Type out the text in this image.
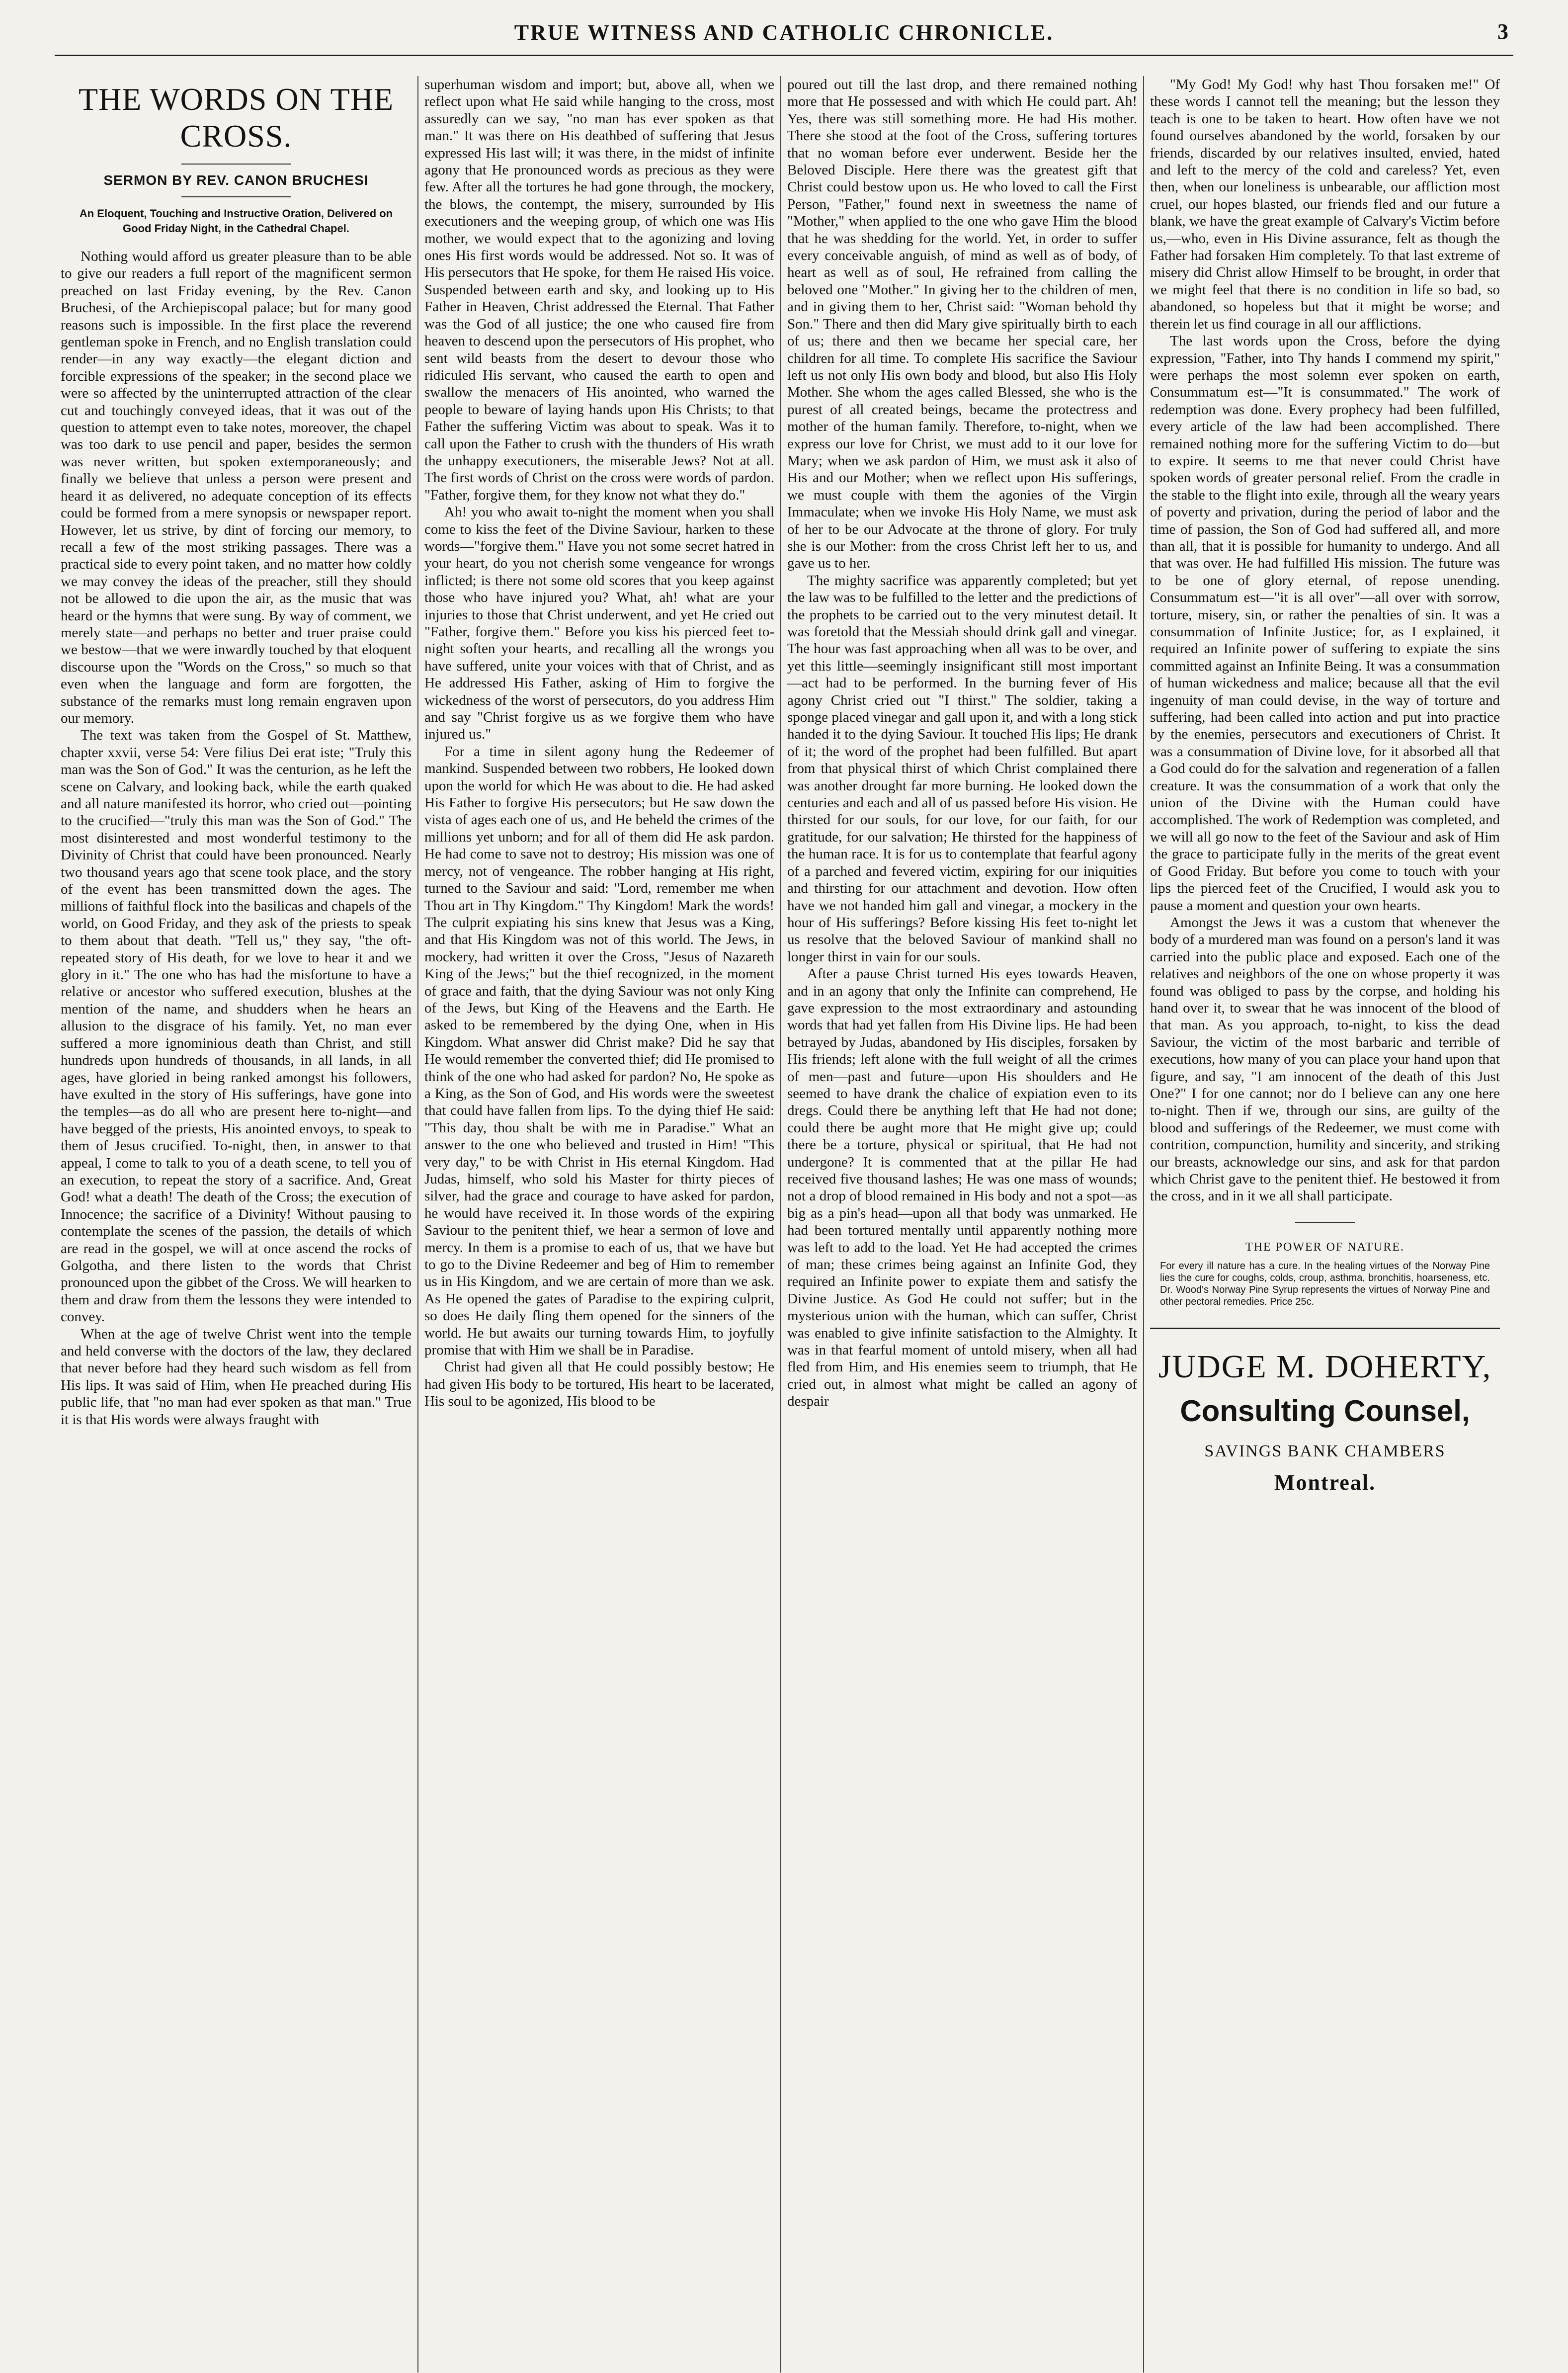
TRUE WITNESS AND CATHOLIC CHRONICLE.	3
THE WORDS ON THE CROSS.
SERMON BY REV. CANON BRUCHESI
An Eloquent, Touching and Instructive Oration, Delivered on Good Friday Night, in the Cathedral Chapel.

Nothing would afford us greater pleasure than to be able to give our readers a full report of the magnificent sermon preached on last Friday evening, by the Rev. Canon Bruchesi, of the Archiepiscopal palace; but for many good reasons such is impossible. In the first place the reverend gentleman spoke in French, and no English translation could render—in any way exactly—the elegant diction and forcible expressions of the speaker; in the second place we were so affected by the uninterrupted attraction of the clear cut and touchingly conveyed ideas, that it was out of the question to attempt even to take notes, moreover, the chapel was too dark to use pencil and paper, besides the sermon was never written, but spoken extemporaneously; and finally we believe that unless a person were present and heard it as delivered, no adequate conception of its effects could be formed from a mere synopsis or newspaper report. However, let us strive, by dint of forcing our memory, to recall a few of the most striking passages. There was a practical side to every point taken, and no matter how coldly we may convey the ideas of the preacher, still they should not be allowed to die upon the air, as the music that was heard or the hymns that were sung. By way of comment, we merely state—and perhaps no better and truer praise could we bestow—that we were inwardly touched by that eloquent discourse upon the "Words on the Cross," so much so that even when the language and form are forgotten, the substance of the remarks must long remain engraven upon our memory.

The text was taken from the Gospel of St. Matthew, chapter xxvii, verse 54: Vere filius Dei erat iste; "Truly this man was the Son of God." It was the centurion, as he left the scene on Calvary, and looking back, while the earth quaked and all nature manifested its horror, who cried out—pointing to the crucified—"truly this man was the Son of God." The most disinterested and most wonderful testimony to the Divinity of Christ that could have been pronounced. Nearly two thousand years ago that scene took place, and the story of the event has been transmitted down the ages. The millions of faithful flock into the basilicas and chapels of the world, on Good Friday, and they ask of the priests to speak to them about that death. "Tell us," they say, "the oft-repeated story of His death, for we love to hear it and we glory in it." The one who has had the misfortune to have a relative or ancestor who suffered execution, blushes at the mention of the name, and shudders when he hears an allusion to the disgrace of his family. Yet, no man ever suffered a more ignominious death than Christ, and still hundreds upon hundreds of thousands, in all lands, in all ages, have gloried in being ranked amongst his followers, have exulted in the story of His sufferings, have gone into the temples—as do all who are present here to-night—and have begged of the priests, His anointed envoys, to speak to them of Jesus crucified. To-night, then, in answer to that appeal, I come to talk to you of a death scene, to tell you of an execution, to repeat the story of a sacrifice. And, Great God! what a death! The death of the Cross; the execution of Innocence; the sacrifice of a Divinity! Without pausing to contemplate the scenes of the passion, the details of which are read in the gospel, we will at once ascend the rocks of Golgotha, and there listen to the words that Christ pronounced upon the gibbet of the Cross. We will hearken to them and draw from them the lessons they were intended to convey.

When at the age of twelve Christ went into the temple and held converse with the doctors of the law, they declared that never before had they heard such wisdom as fell from His lips. It was said of Him, when He preached during His public life, that "no man had ever spoken as that man." True it is that His words were always fraught with

superhuman wisdom and import; but, above all, when we reflect upon what He said while hanging to the cross, most assuredly can we say, "no man has ever spoken as that man." It was there on His deathbed of suffering that Jesus expressed His last will; it was there, in the midst of infinite agony that He pronounced words as precious as they were few. After all the tortures he had gone through, the mockery, the blows, the contempt, the misery, surrounded by His executioners and the weeping group, of which one was His mother, we would expect that to the agonizing and loving ones His first words would be addressed. Not so. It was of His persecutors that He spoke, for them He raised His voice. Suspended between earth and sky, and looking up to His Father in Heaven, Christ addressed the Eternal. That Father was the God of all justice; the one who caused fire from heaven to descend upon the persecutors of His prophet, who sent wild beasts from the desert to devour those who ridiculed His servant, who caused the earth to open and swallow the menacers of His anointed, who warned the people to beware of laying hands upon His Christs; to that Father the suffering Victim was about to speak. Was it to call upon the Father to crush with the thunders of His wrath the unhappy executioners, the miserable Jews? Not at all. The first words of Christ on the cross were words of pardon. "Father, forgive them, for they know not what they do."

Ah! you who await to-night the moment when you shall come to kiss the feet of the Divine Saviour, harken to these words—"forgive them." Have you not some secret hatred in your heart, do you not cherish some vengeance for wrongs inflicted; is there not some old scores that you keep against those who have injured you? What, ah! what are your injuries to those that Christ underwent, and yet He cried out "Father, forgive them." Before you kiss his pierced feet to-night soften your hearts, and recalling all the wrongs you have suffered, unite your voices with that of Christ, and as He addressed His Father, asking of Him to forgive the wickedness of the worst of persecutors, do you address Him and say "Christ forgive us as we forgive them who have injured us."

For a time in silent agony hung the Redeemer of mankind. Suspended between two robbers, He looked down upon the world for which He was about to die. He had asked His Father to forgive His persecutors; but He saw down the vista of ages each one of us, and He beheld the crimes of the millions yet unborn; and for all of them did He ask pardon. He had come to save not to destroy; His mission was one of mercy, not of vengeance. The robber hanging at His right, turned to the Saviour and said: "Lord, remember me when Thou art in Thy Kingdom." Thy Kingdom! Mark the words! The culprit expiating his sins knew that Jesus was a King, and that His Kingdom was not of this world. The Jews, in mockery, had written it over the Cross, "Jesus of Nazareth King of the Jews;" but the thief recognized, in the moment of grace and faith, that the dying Saviour was not only King of the Jews, but King of the Heavens and the Earth. He asked to be remembered by the dying One, when in His Kingdom. What answer did Christ make? Did he say that He would remember the converted thief; did He promised to think of the one who had asked for pardon? No, He spoke as a King, as the Son of God, and His words were the sweetest that could have fallen from lips. To the dying thief He said: "This day, thou shalt be with me in Paradise." What an answer to the one who believed and trusted in Him! "This very day," to be with Christ in His eternal Kingdom. Had Judas, himself, who sold his Master for thirty pieces of silver, had the grace and courage to have asked for pardon, he would have received it. In those words of the expiring Saviour to the penitent thief, we hear a sermon of love and mercy. In them is a promise to each of us, that we have but to go to the Divine Redeemer and beg of Him to remember us in His Kingdom, and we are certain of more than we ask. As He opened the gates of Paradise to the expiring culprit, so does He daily fling them opened for the sinners of the world. He but awaits our turning towards Him, to joyfully promise that with Him we shall be in Paradise.

Christ had given all that He could possibly bestow; He had given His body to be tortured, His heart to be lacerated, His soul to be agonized, His blood to be

poured out till the last drop, and there remained nothing more that He possessed and with which He could part. Ah! Yes, there was still something more. He had His mother. There she stood at the foot of the Cross, suffering tortures that no woman before ever underwent. Beside her the Beloved Disciple. Here there was the greatest gift that Christ could bestow upon us. He who loved to call the First Person, "Father," found next in sweetness the name of "Mother," when applied to the one who gave Him the blood that he was shedding for the world. Yet, in order to suffer every conceivable anguish, of mind as well as of body, of heart as well as of soul, He refrained from calling the beloved one "Mother." In giving her to the children of men, and in giving them to her, Christ said: "Woman behold thy Son." There and then did Mary give spiritually birth to each of us; there and then we became her special care, her children for all time. To complete His sacrifice the Saviour left us not only His own body and blood, but also His Holy Mother. She whom the ages called Blessed, she who is the purest of all created beings, became the protectress and mother of the human family. Therefore, to-night, when we express our love for Christ, we must add to it our love for Mary; when we ask pardon of Him, we must ask it also of His and our Mother; when we reflect upon His sufferings, we must couple with them the agonies of the Virgin Immaculate; when we invoke His Holy Name, we must ask of her to be our Advocate at the throne of glory. For truly she is our Mother: from the cross Christ left her to us, and gave us to her.

The mighty sacrifice was apparently completed; but yet the law was to be fulfilled to the letter and the predictions of the prophets to be carried out to the very minutest detail. It was foretold that the Messiah should drink gall and vinegar. The hour was fast approaching when all was to be over, and yet this little—seemingly insignificant still most important—act had to be performed. In the burning fever of His agony Christ cried out "I thirst." The soldier, taking a sponge placed vinegar and gall upon it, and with a long stick handed it to the dying Saviour. It touched His lips; He drank of it; the word of the prophet had been fulfilled. But apart from that physical thirst of which Christ complained there was another drought far more burning. He looked down the centuries and each and all of us passed before His vision. He thirsted for our souls, for our love, for our faith, for our gratitude, for our salvation; He thirsted for the happiness of the human race. It is for us to contemplate that fearful agony of a parched and fevered victim, expiring for our iniquities and thirsting for our attachment and devotion. How often have we not handed him gall and vinegar, a mockery in the hour of His sufferings? Before kissing His feet to-night let us resolve that the beloved Saviour of mankind shall no longer thirst in vain for our souls.

After a pause Christ turned His eyes towards Heaven, and in an agony that only the Infinite can comprehend, He gave expression to the most extraordinary and astounding words that had yet fallen from His Divine lips. He had been betrayed by Judas, abandoned by His disciples, forsaken by His friends; left alone with the full weight of all the crimes of men—past and future—upon His shoulders and He seemed to have drank the chalice of expiation even to its dregs. Could there be anything left that He had not done; could there be aught more that He might give up; could there be a torture, physical or spiritual, that He had not undergone? It is commented that at the pillar He had received five thousand lashes; He was one mass of wounds; not a drop of blood remained in His body and not a spot—as big as a pin's head—upon all that body was unmarked. He had been tortured mentally until apparently nothing more was left to add to the load. Yet He had accepted the crimes of man; these crimes being against an Infinite God, they required an Infinite power to expiate them and satisfy the Divine Justice. As God He could not suffer; but in the mysterious union with the human, which can suffer, Christ was enabled to give infinite satisfaction to the Almighty. It was in that fearful moment of untold misery, when all had fled from Him, and His enemies seem to triumph, that He cried out, in almost what might be called an agony of despair

"My God! My God! why hast Thou forsaken me!" Of these words I cannot tell the meaning; but the lesson they teach is one to be taken to heart. How often have we not found ourselves abandoned by the world, forsaken by our friends, discarded by our relatives insulted, envied, hated and left to the mercy of the cold and careless? Yet, even then, when our loneliness is unbearable, our affliction most cruel, our hopes blasted, our friends fled and our future a blank, we have the great example of Calvary's Victim before us,—who, even in His Divine assurance, felt as though the Father had forsaken Him completely. To that last extreme of misery did Christ allow Himself to be brought, in order that we might feel that there is no condition in life so bad, so abandoned, so hopeless but that it might be worse; and therein let us find courage in all our afflictions.

The last words upon the Cross, before the dying expression, "Father, into Thy hands I commend my spirit," were perhaps the most solemn ever spoken on earth, Consummatum est—"It is consummated." The work of redemption was done. Every prophecy had been fulfilled, every article of the law had been accomplished. There remained nothing more for the suffering Victim to do—but to expire. It seems to me that never could Christ have spoken words of greater personal relief. From the cradle in the stable to the flight into exile, through all the weary years of poverty and privation, during the period of labor and the time of passion, the Son of God had suffered all, and more than all, that it is possible for humanity to undergo. And all that was over. He had fulfilled His mission. The future was to be one of glory eternal, of repose unending. Consummatum est—"it is all over"—all over with sorrow, torture, misery, sin, or rather the penalties of sin. It was a consummation of Infinite Justice; for, as I explained, it required an Infinite power of suffering to expiate the sins committed against an Infinite Being. It was a consummation of human wickedness and malice; because all that the evil ingenuity of man could devise, in the way of torture and suffering, had been called into action and put into practice by the enemies, persecutors and executioners of Christ. It was a consummation of Divine love, for it absorbed all that a God could do for the salvation and regeneration of a fallen creature. It was the consummation of a work that only the union of the Divine with the Human could have accomplished. The work of Redemption was completed, and we will all go now to the feet of the Saviour and ask of Him the grace to participate fully in the merits of the great event of Good Friday. But before you come to touch with your lips the pierced feet of the Crucified, I would ask you to pause a moment and question your own hearts.

Amongst the Jews it was a custom that whenever the body of a murdered man was found on a person's land it was carried into the public place and exposed. Each one of the relatives and neighbors of the one on whose property it was found was obliged to pass by the corpse, and holding his hand over it, to swear that he was innocent of the blood of that man. As you approach, to-night, to kiss the dead Saviour, the victim of the most barbaric and terrible of executions, how many of you can place your hand upon that figure, and say, "I am innocent of the death of this Just One?" I for one cannot; nor do I believe can any one here to-night. Then if we, through our sins, are guilty of the blood and sufferings of the Redeemer, we must come with contrition, compunction, humility and sincerity, and striking our breasts, acknowledge our sins, and ask for that pardon which Christ gave to the penitent thief. He bestowed it from the cross, and in it we all shall participate.

THE POWER OF NATURE.
For every ill nature has a cure. In the healing virtues of the Norway Pine lies the cure for coughs, colds, croup, asthma, bronchitis, hoarseness, etc. Dr. Wood's Norway Pine Syrup represents the virtues of Norway Pine and other pectoral remedies. Price 25c.
JUDGE M. DOHERTY,
Consulting Counsel,
SAVINGS BANK CHAMBERS
Montreal.
